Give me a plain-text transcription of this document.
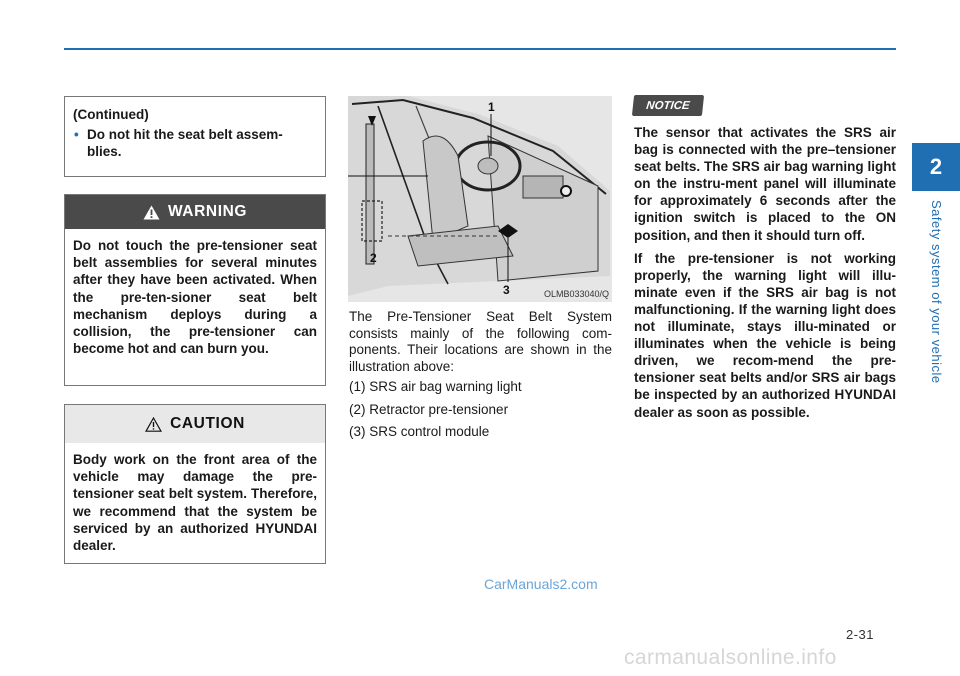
2
Safety system of your vehicle
(Continued)
• Do not hit the seat belt assem-blies.
WARNING
Do not touch the pre-tensioner seat belt assemblies for several minutes after they have been activated. When the pre-ten-sioner seat belt mechanism deploys during a collision, the pre-tensioner can become hot and can burn you.
CAUTION
Body work on the front area of the vehicle may damage the pre-tensioner seat belt system. Therefore, we recommend that the system be serviced by an authorized HYUNDAI dealer.
1
2
3	OLMB033040/Q
The Pre-Tensioner Seat Belt System consists mainly of the following com-ponents. Their locations are shown in the illustration above:
(1) SRS air bag warning light
(2) Retractor pre-tensioner
(3) SRS control module
NOTICE

The sensor that activates the SRS air bag is connected with the pre–tensioner seat belts. The SRS air bag warning light on the instru-ment panel will illuminate for approximately 6 seconds after the ignition switch is placed to the ON position, and then it should turn off.

If the pre-tensioner is not working properly, the warning light will illu-minate even if the SRS air bag is not malfunctioning. If the warning light does not illuminate, stays illu-minated or illuminates when the vehicle is being driven, we recom-mend the pre-tensioner seat belts and/or SRS air bags be inspected by an authorized HYUNDAI dealer as soon as possible.

CarManuals2.com
2-31
carmanualsonline.info
